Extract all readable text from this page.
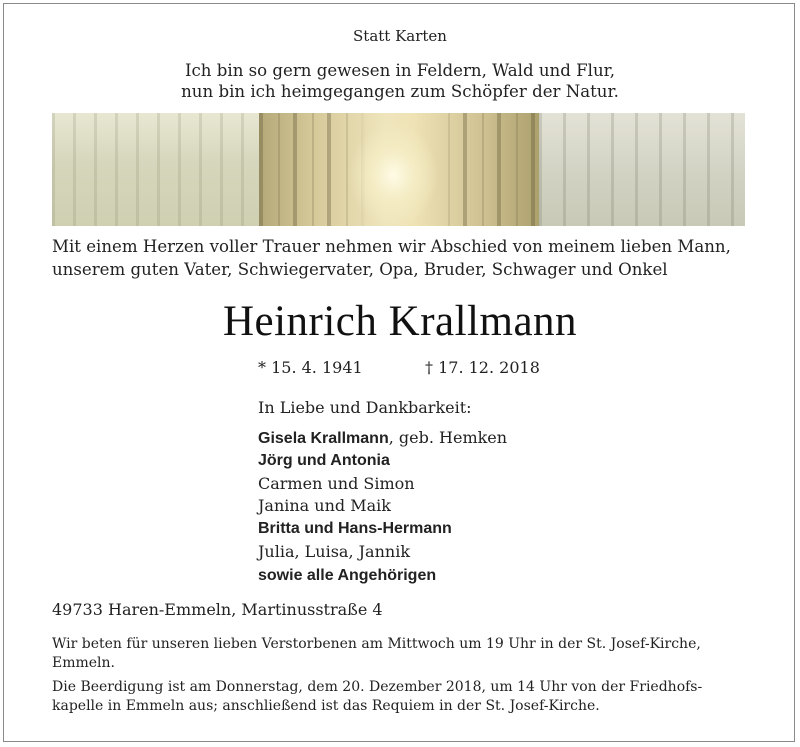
Statt Karten
Ich bin so gern gewesen in Feldern, Wald und Flur,
nun bin ich heimgegangen zum Schöpfer der Natur.
Mit einem Herzen voller Trauer nehmen wir Abschied von meinem lieben Mann,
unserem guten Vater, Schwiegervater, Opa, Bruder, Schwager und Onkel
Heinrich Krallmann
* 15. 4. 1941	† 17. 12. 2018
In Liebe und Dankbarkeit:
Gisela Krallmann, geb. Hemken
Jörg und Antonia
Carmen und Simon
Janina und Maik
Britta und Hans-Hermann
Julia, Luisa, Jannik
sowie alle Angehörigen
49733 Haren-Emmeln, Martinusstraße 4
Wir beten für unseren lieben Verstorbenen am Mittwoch um 19 Uhr in der St. Josef-Kirche,
Emmeln.
Die Beerdigung ist am Donnerstag, dem 20. Dezember 2018, um 14 Uhr von der Friedhofs-
kapelle in Emmeln aus; anschließend ist das Requiem in der St. Josef-Kirche.
